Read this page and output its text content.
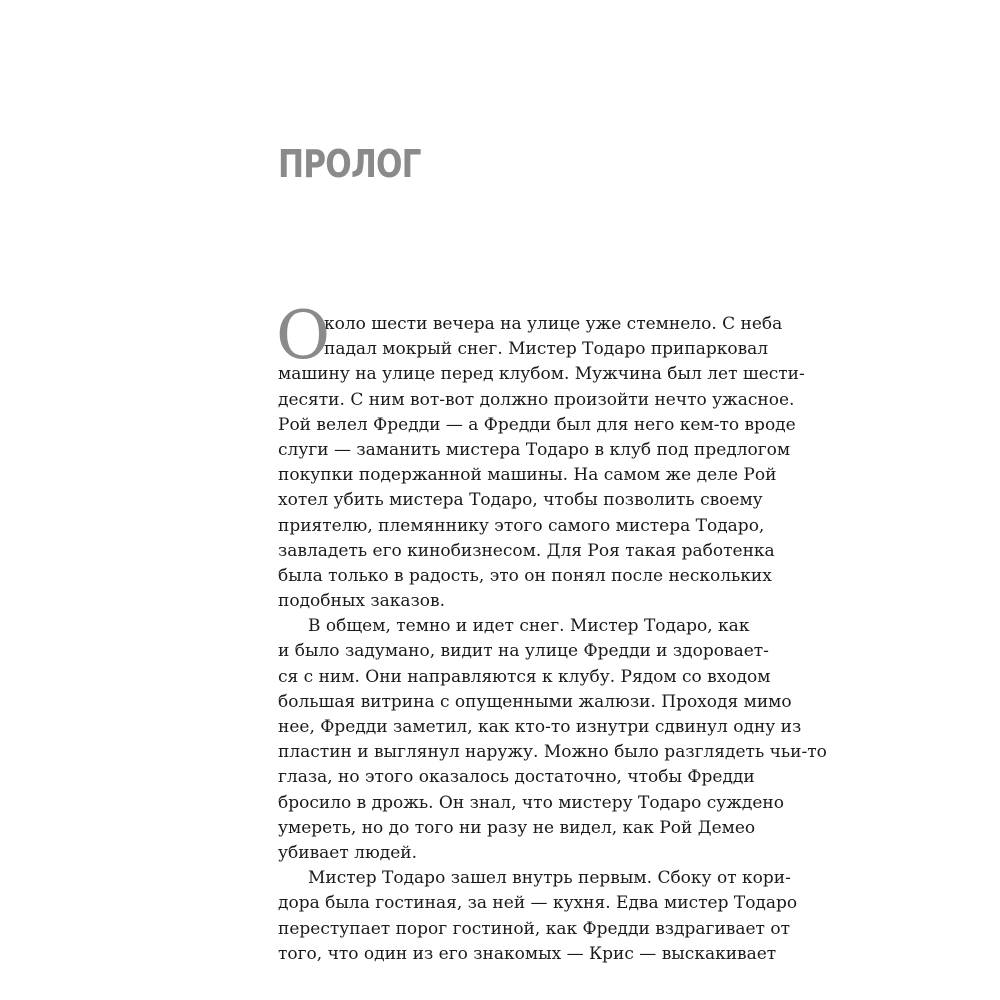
ПРОЛОГ
О
коло шести вечера на улице уже стемнело. С неба
падал мокрый снег. Мистер Тодаро припарковал
машину на улице перед клубом. Мужчина был лет шести-
десяти. С ним вот-вот должно произойти нечто ужасное.
Рой велел Фредди — а Фредди был для него кем-то вроде
слуги — заманить мистера Тодаро в клуб под предлогом
покупки подержанной машины. На самом же деле Рой
хотел убить мистера Тодаро, чтобы позволить своему
приятелю, племяннику этого самого мистера Тодаро,
завладеть его кинобизнесом. Для Роя такая работенка
была только в радость, это он понял после нескольких
подобных заказов.
В общем, темно и идет снег. Мистер Тодаро, как
и было задумано, видит на улице Фредди и здоровает-
ся с ним. Они направляются к клубу. Рядом со входом
большая витрина с опущенными жалюзи. Проходя мимо
нее, Фредди заметил, как кто-то изнутри сдвинул одну из
пластин и выглянул наружу. Можно было разглядеть чьи-то
глаза, но этого оказалось достаточно, чтобы Фредди
бросило в дрожь. Он знал, что мистеру Тодаро суждено
умереть, но до того ни разу не видел, как Рой Демео
убивает людей.
Мистер Тодаро зашел внутрь первым. Сбоку от кори-
дора была гостиная, за ней — кухня. Едва мистер Тодаро
переступает порог гостиной, как Фредди вздрагивает от
того, что один из его знакомых — Крис — выскакивает
